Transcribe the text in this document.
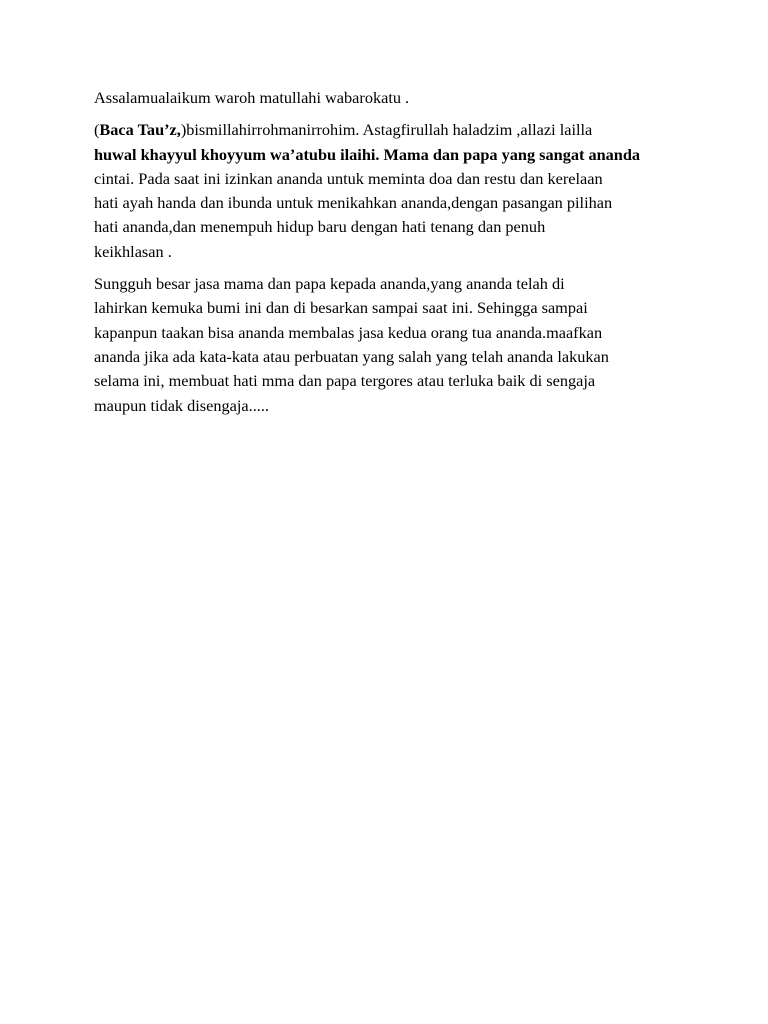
Assalamualaikum waroh matullahi wabarokatu .

(Baca Tau’z,)bismillahirrohmanirrohim. Astagfirullah haladzim ,allazi lailla
huwal khayyul khoyyum wa’atubu ilaihi. Mama dan papa yang sangat ananda
cintai. Pada saat ini izinkan ananda untuk meminta doa dan restu dan kerelaan
hati ayah handa dan ibunda untuk menikahkan ananda,dengan pasangan pilihan
hati ananda,dan menempuh hidup baru dengan hati tenang dan penuh
keikhlasan .

Sungguh besar jasa mama dan papa kepada ananda,yang ananda telah di
lahirkan kemuka bumi ini dan di besarkan sampai saat ini. Sehingga sampai
kapanpun taakan bisa ananda membalas jasa kedua orang tua ananda.maafkan
ananda jika ada kata-kata atau perbuatan yang salah yang telah ananda lakukan
selama ini, membuat hati mma dan papa tergores atau terluka baik di sengaja
maupun tidak disengaja.....
